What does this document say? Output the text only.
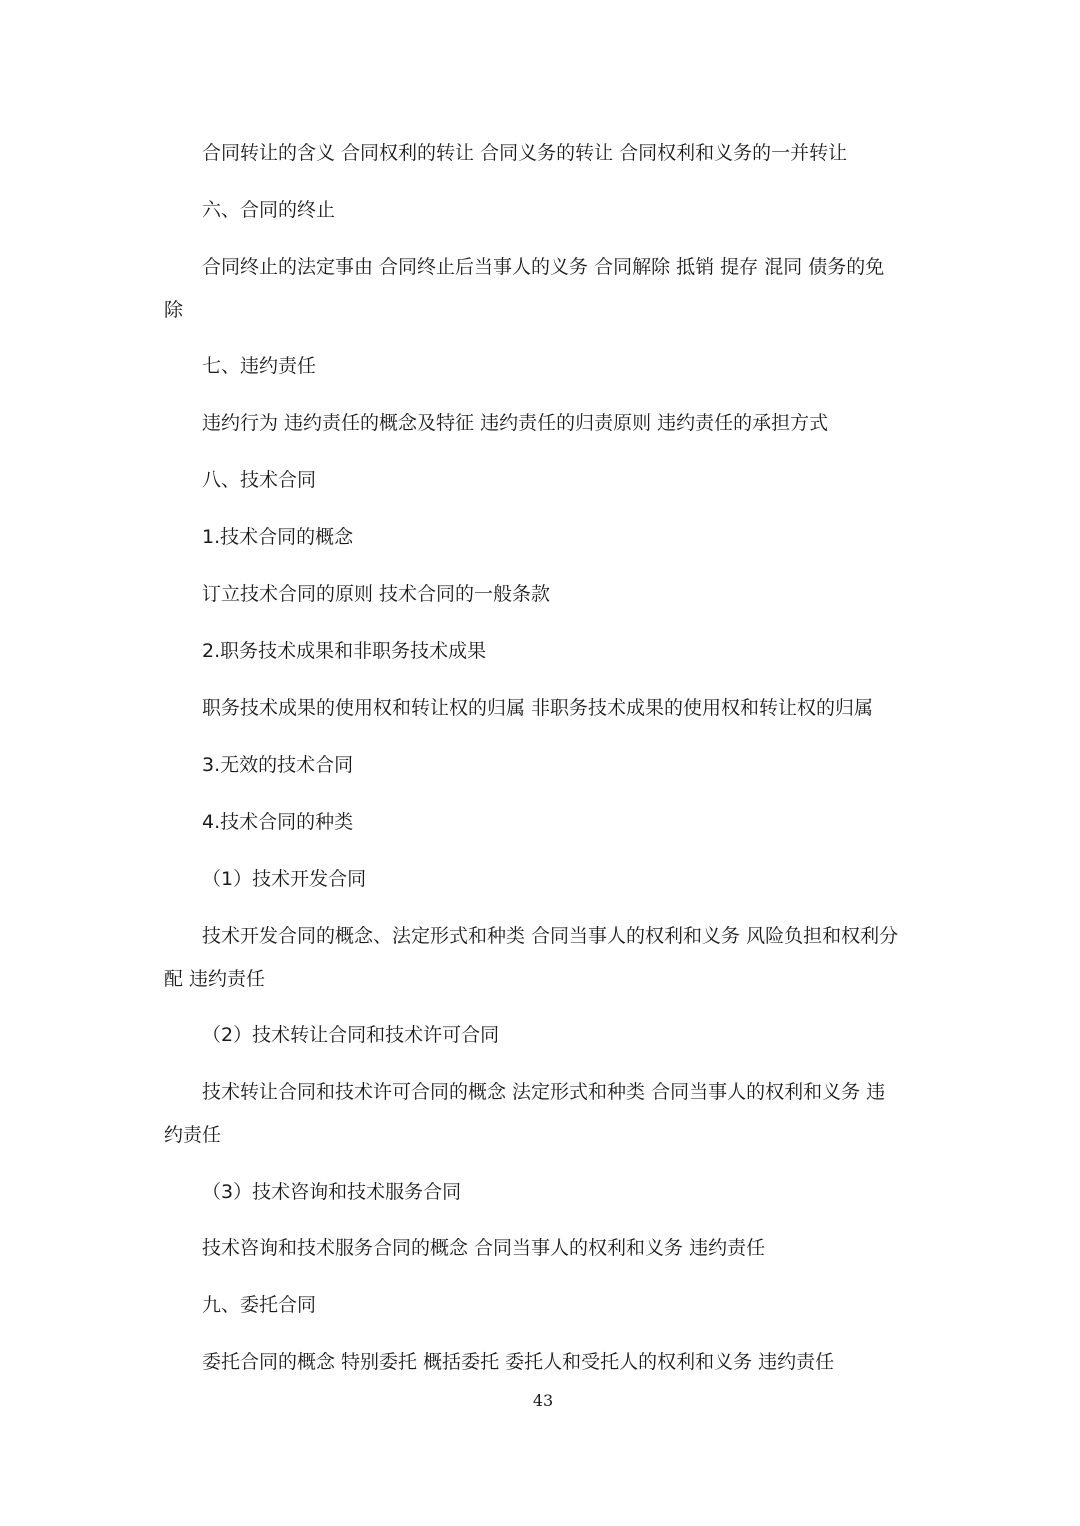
合同转让的含义 合同权利的转让 合同义务的转让 合同权利和义务的一并转让
六、合同的终止
合同终止的法定事由 合同终止后当事人的义务 合同解除 抵销 提存 混同 债务的免
除
七、违约责任
违约行为 违约责任的概念及特征 违约责任的归责原则 违约责任的承担方式
八、技术合同
1.技术合同的概念
订立技术合同的原则 技术合同的一般条款
2.职务技术成果和非职务技术成果
职务技术成果的使用权和转让权的归属 非职务技术成果的使用权和转让权的归属
3.无效的技术合同
4.技术合同的种类
（1）技术开发合同
技术开发合同的概念、法定形式和种类 合同当事人的权利和义务 风险负担和权利分
配 违约责任
（2）技术转让合同和技术许可合同
技术转让合同和技术许可合同的概念 法定形式和种类 合同当事人的权利和义务 违
约责任
（3）技术咨询和技术服务合同
技术咨询和技术服务合同的概念 合同当事人的权利和义务 违约责任
九、委托合同
委托合同的概念 特别委托 概括委托 委托人和受托人的权利和义务 违约责任
43
